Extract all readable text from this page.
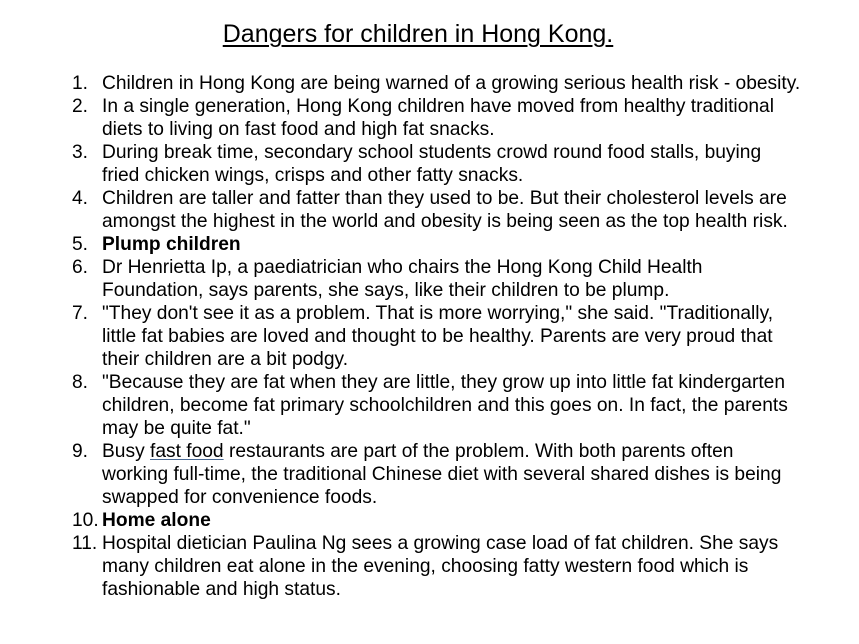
Dangers for children in Hong Kong.
1. Children in Hong Kong are being warned of a growing serious health risk - obesity.
2. In a single generation, Hong Kong children have moved from healthy traditional diets to living on fast food and high fat snacks.
3. During break time, secondary school students crowd round food stalls, buying fried chicken wings, crisps and other fatty snacks.
4. Children are taller and fatter than they used to be. But their cholesterol levels are amongst the highest in the world and obesity is being seen as the top health risk.
5. Plump children
6. Dr Henrietta Ip, a paediatrician who chairs the Hong Kong Child Health Foundation, says parents, she says, like their children to be plump.
7. "They don't see it as a problem. That is more worrying," she said. "Traditionally, little fat babies are loved and thought to be healthy. Parents are very proud that their children are a bit podgy.
8. "Because they are fat when they are little, they grow up into little fat kindergarten children, become fat primary schoolchildren and this goes on. In fact, the parents may be quite fat."
9. Busy fast food restaurants are part of the problem. With both parents often working full-time, the traditional Chinese diet with several shared dishes is being swapped for convenience foods.
10. Home alone
11. Hospital dietician Paulina Ng sees a growing case load of fat children. She says many children eat alone in the evening, choosing fatty western food which is fashionable and high status.
